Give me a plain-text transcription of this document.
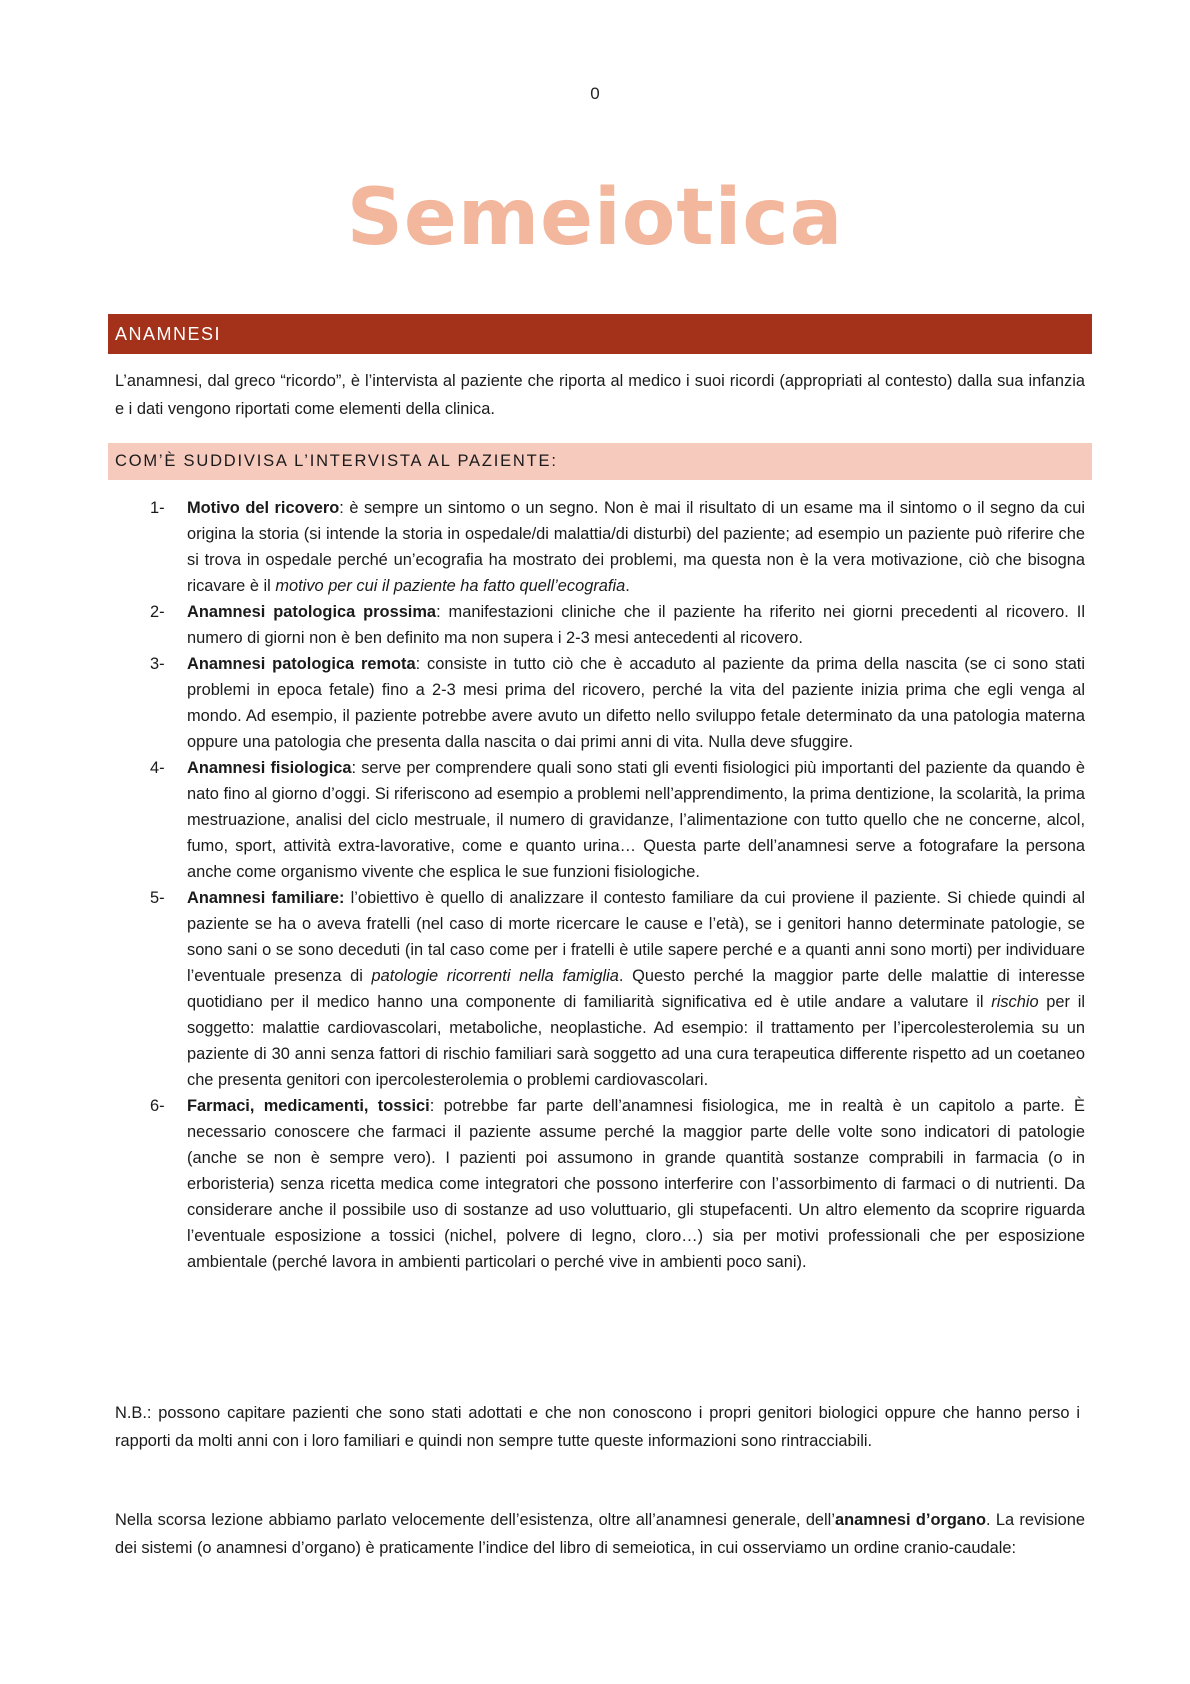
0
Semeiotica
ANAMNESI

L’anamnesi, dal greco “ricordo”, è l’intervista al paziente che riporta al medico i suoi ricordi (appropriati al contesto) dalla sua infanzia e i dati vengono riportati come elementi della clinica.

COM’È SUDDIVISA L’INTERVISTA AL PAZIENTE:
1- Motivo del ricovero: è sempre un sintomo o un segno. Non è mai il risultato di un esame ma il sintomo o il segno da cui origina la storia (si intende la storia in ospedale/di malattia/di disturbi) del paziente; ad esempio un paziente può riferire che si trova in ospedale perché un’ecografia ha mostrato dei problemi, ma questa non è la vera motivazione, ciò che bisogna ricavare è il motivo per cui il paziente ha fatto quell’ecografia.
2- Anamnesi patologica prossima: manifestazioni cliniche che il paziente ha riferito nei giorni precedenti al ricovero. Il numero di giorni non è ben definito ma non supera i 2-3 mesi antecedenti al ricovero.
3- Anamnesi patologica remota: consiste in tutto ciò che è accaduto al paziente da prima della nascita (se ci sono stati problemi in epoca fetale) fino a 2-3 mesi prima del ricovero, perché la vita del paziente inizia prima che egli venga al mondo. Ad esempio, il paziente potrebbe avere avuto un difetto nello sviluppo fetale determinato da una patologia materna oppure una patologia che presenta dalla nascita o dai primi anni di vita. Nulla deve sfuggire.
4- Anamnesi fisiologica: serve per comprendere quali sono stati gli eventi fisiologici più importanti del paziente da quando è nato fino al giorno d’oggi. Si riferiscono ad esempio a problemi nell’apprendimento, la prima dentizione, la scolarità, la prima mestruazione, analisi del ciclo mestruale, il numero di gravidanze, l’alimentazione con tutto quello che ne concerne, alcol, fumo, sport, attività extra-lavorative, come e quanto urina… Questa parte dell’anamnesi serve a fotografare la persona anche come organismo vivente che esplica le sue funzioni fisiologiche.
5- Anamnesi familiare: l’obiettivo è quello di analizzare il contesto familiare da cui proviene il paziente. Si chiede quindi al paziente se ha o aveva fratelli (nel caso di morte ricercare le cause e l’età), se i genitori hanno determinate patologie, se sono sani o se sono deceduti (in tal caso come per i fratelli è utile sapere perché e a quanti anni sono morti) per individuare l’eventuale presenza di patologie ricorrenti nella famiglia. Questo perché la maggior parte delle malattie di interesse quotidiano per il medico hanno una componente di familiarità significativa ed è utile andare a valutare il rischio per il soggetto: malattie cardiovascolari, metaboliche, neoplastiche. Ad esempio: il trattamento per l’ipercolesterolemia su un paziente di 30 anni senza fattori di rischio familiari sarà soggetto ad una cura terapeutica differente rispetto ad un coetaneo che presenta genitori con ipercolesterolemia o problemi cardiovascolari.
6- Farmaci, medicamenti, tossici: potrebbe far parte dell’anamnesi fisiologica, me in realtà è un capitolo a parte. È necessario conoscere che farmaci il paziente assume perché la maggior parte delle volte sono indicatori di patologie (anche se non è sempre vero). I pazienti poi assumono in grande quantità sostanze comprabili in farmacia (o in erboristeria) senza ricetta medica come integratori che possono interferire con l’assorbimento di farmaci o di nutrienti. Da considerare anche il possibile uso di sostanze ad uso voluttuario, gli stupefacenti. Un altro elemento da scoprire riguarda l’eventuale esposizione a tossici (nichel, polvere di legno, cloro…) sia per motivi professionali che per esposizione ambientale (perché lavora in ambienti particolari o perché vive in ambienti poco sani).

N.B.: possono capitare pazienti che sono stati adottati e che non conoscono i propri genitori biologici oppure che hanno perso i rapporti da molti anni con i loro familiari e quindi non sempre tutte queste informazioni sono rintracciabili.

Nella scorsa lezione abbiamo parlato velocemente dell’esistenza, oltre all’anamnesi generale, dell’anamnesi d’organo. La revisione dei sistemi (o anamnesi d’organo) è praticamente l’indice del libro di semeiotica, in cui osserviamo un ordine cranio-caudale:
